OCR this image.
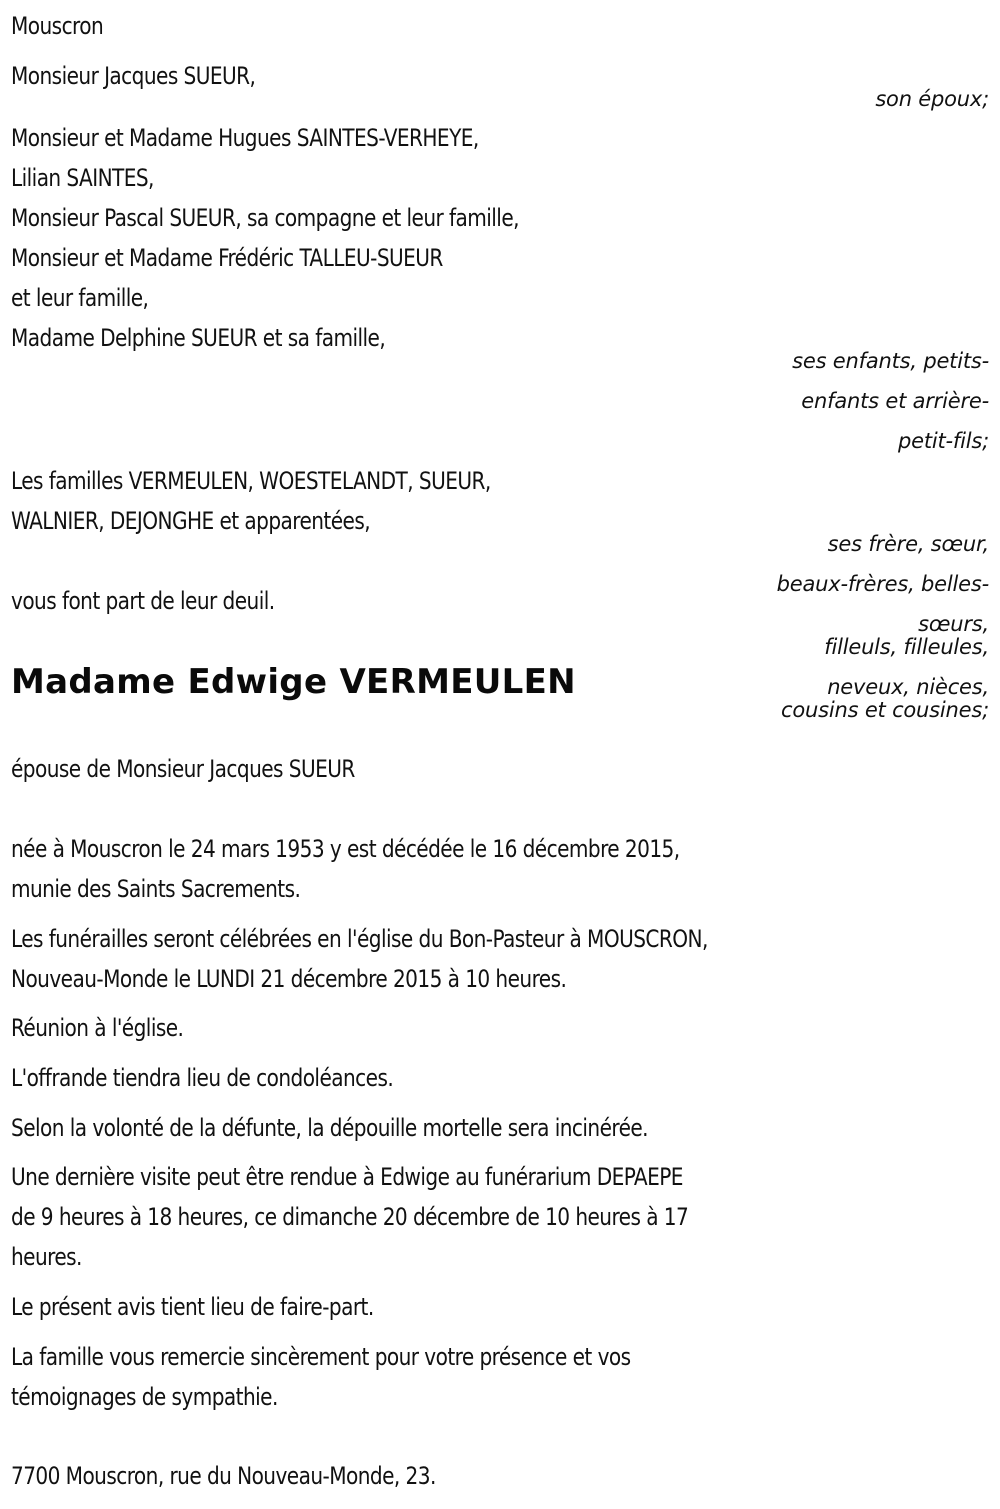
Mouscron
Monsieur Jacques SUEUR,
son époux;
Monsieur et Madame Hugues SAINTES-VERHEYE,
Lilian SAINTES,
Monsieur Pascal SUEUR, sa compagne et leur famille,
Monsieur et Madame Frédéric TALLEU-SUEUR
et leur famille,
Madame Delphine SUEUR et sa famille,
ses enfants, petits-
enfants et arrière-
petit-fils;
Les familles VERMEULEN, WOESTELANDT, SUEUR,
WALNIER, DEJONGHE et apparentées,
ses frère, sœur,
beaux-frères, belles-
sœurs,
filleuls, filleules,
neveux, nièces,
cousins et cousines;
vous font part de leur deuil.
Madame Edwige VERMEULEN
épouse de Monsieur Jacques SUEUR
née à Mouscron le 24 mars 1953 y est décédée le 16 décembre 2015,
munie des Saints Sacrements.
Les funérailles seront célébrées en l'église du Bon-Pasteur à MOUSCRON,
Nouveau-Monde le LUNDI 21 décembre 2015 à 10 heures.
Réunion à l'église.
L'offrande tiendra lieu de condoléances.
Selon la volonté de la défunte, la dépouille mortelle sera incinérée.
Une dernière visite peut être rendue à Edwige au funérarium DEPAEPE
de 9 heures à 18 heures, ce dimanche 20 décembre de 10 heures à 17
heures.
Le présent avis tient lieu de faire-part.
La famille vous remercie sincèrement pour votre présence et vos
témoignages de sympathie.
7700 Mouscron, rue du Nouveau-Monde, 23.
